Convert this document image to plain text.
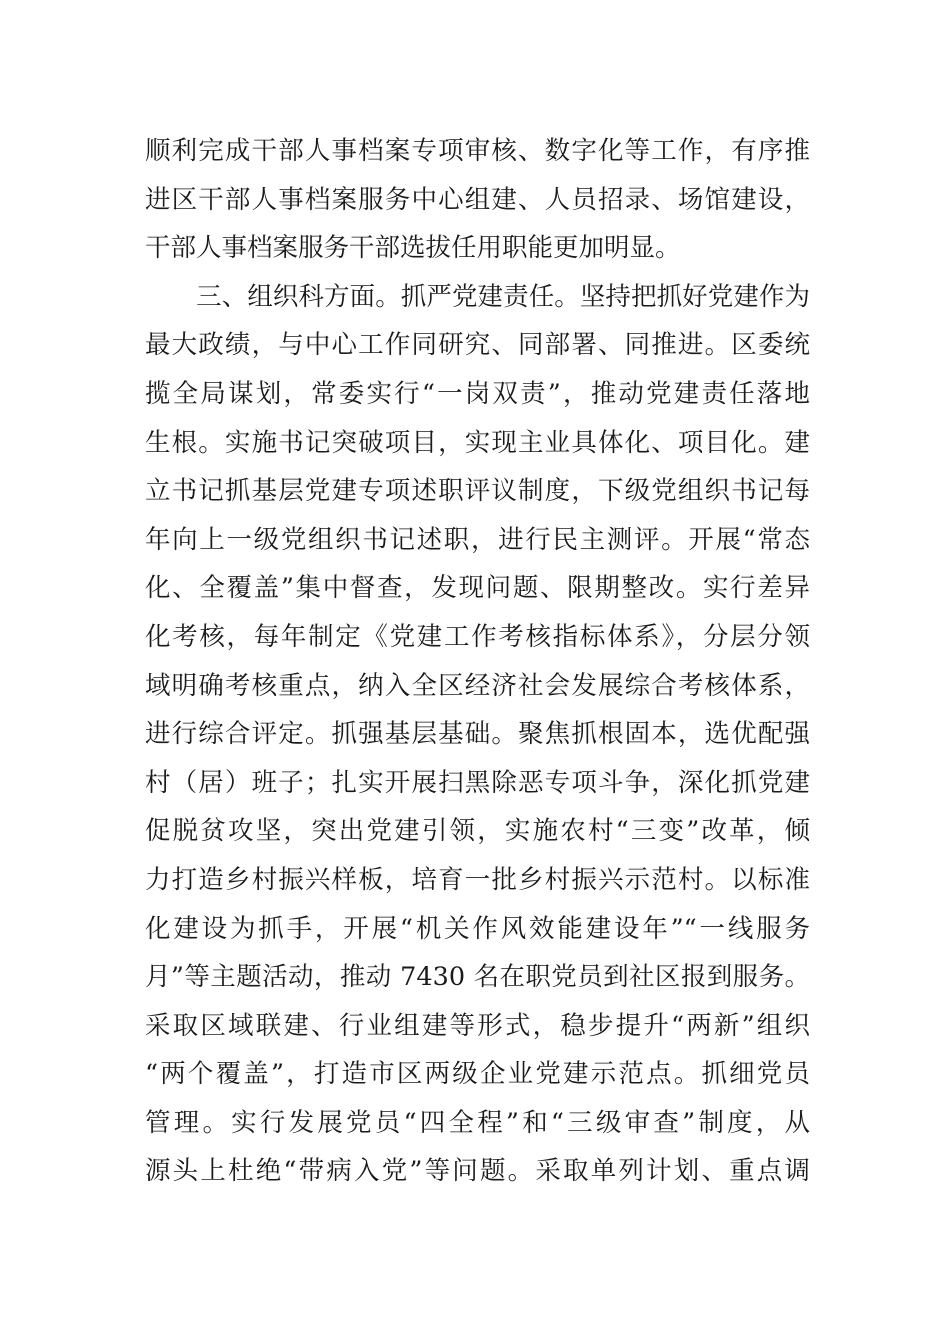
顺利完成干部人事档案专项审核、数字化等工作，有序推
进区干部人事档案服务中心组建、人员招录、场馆建设，
干部人事档案服务干部选拔任用职能更加明显。
　　三、组织科方面。抓严党建责任。坚持把抓好党建作为
最大政绩，与中心工作同研究、同部署、同推进。区委统
揽全局谋划，常委实行“一岗双责”，推动党建责任落地
生根。实施书记突破项目，实现主业具体化、项目化。建
立书记抓基层党建专项述职评议制度，下级党组织书记每
年向上一级党组织书记述职，进行民主测评。开展“常态
化、全覆盖”集中督查，发现问题、限期整改。实行差异
化考核，每年制定《党建工作考核指标体系》，分层分领
域明确考核重点，纳入全区经济社会发展综合考核体系，
进行综合评定。抓强基层基础。聚焦抓根固本，选优配强
村（居）班子；扎实开展扫黑除恶专项斗争，深化抓党建
促脱贫攻坚，突出党建引领，实施农村“三变”改革，倾
力打造乡村振兴样板，培育一批乡村振兴示范村。以标准
化建设为抓手，开展“机关作风效能建设年”“一线服务
月”等主题活动，推动 7430 名在职党员到社区报到服务。
采取区域联建、行业组建等形式，稳步提升“两新”组织
“两个覆盖”，打造市区两级企业党建示范点。抓细党员
管理。实行发展党员“四全程”和“三级审查”制度，从
源头上杜绝“带病入党”等问题。采取单列计划、重点调
